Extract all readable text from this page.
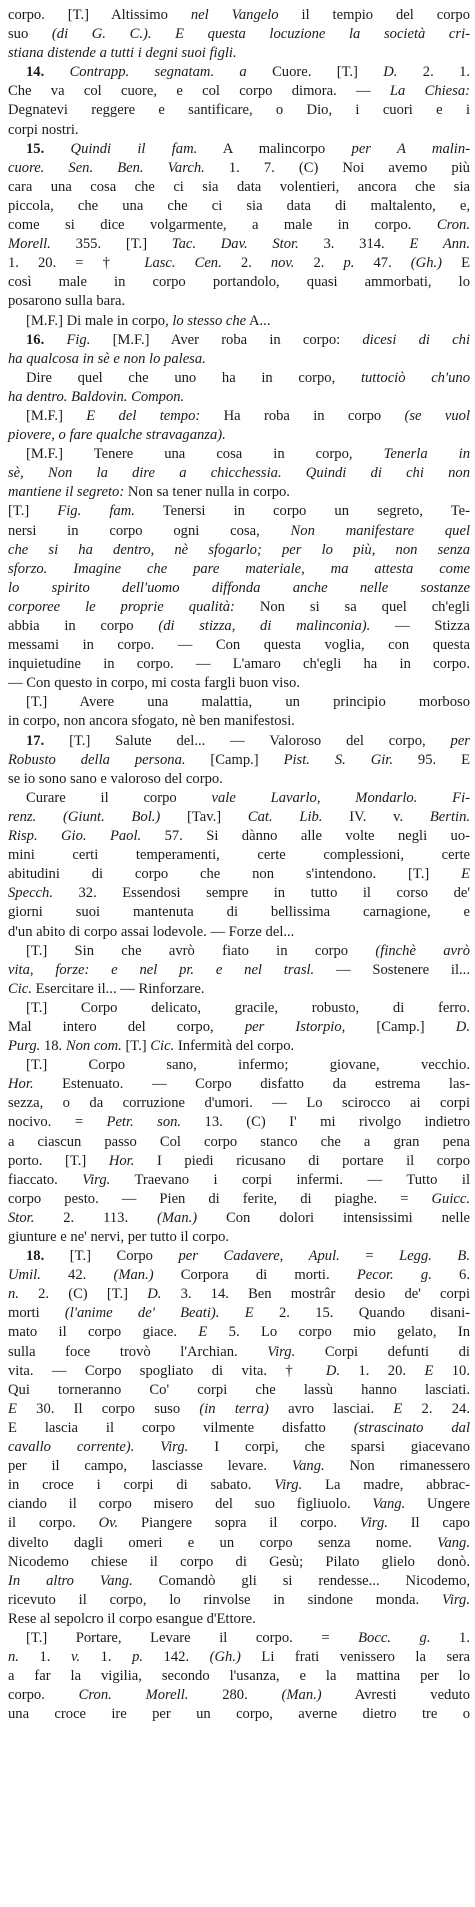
corpo. [T.] Altissimo nel Vangelo il tempio del corpo

suo (di G. C.). E questa locuzione la società cri-

stiana distende a tutti i degni suoi figli.

14. Contrapp. segnatam. a Cuore. [T.] D. 2. 1.

Che va col cuore, e col corpo dimora. — La Chiesa:

Degnatevi reggere e santificare, o Dio, i cuori e i

corpi nostri.

15. Quindi il fam. A malincorpo per A malin-

cuore. Sen. Ben. Varch. 1. 7. (C) Noi avemo più

cara una cosa che ci sia data volentieri, ancora che sia

piccola, che una che ci sia data di maltalento, e,

come si dice volgarmente, a male in corpo. Cron.

Morell. 355. [T.] Tac. Dav. Stor. 3. 314. E Ann.

1. 20. = † Lasc. Cen. 2. nov. 2. p. 47. (Gh.) E

così male in corpo portandolo, quasi ammorbati, lo

posarono sulla bara.

[M.F.] Di male in corpo, lo stesso che A...

16. Fig. [M.F.] Aver roba in corpo: dicesi di chi

ha qualcosa in sè e non lo palesa.

Dire quel che uno ha in corpo, tuttociò ch'uno

ha dentro. Baldovin. Compon.

[M.F.] E del tempo: Ha roba in corpo (se vuol

piovere, o fare qualche stravaganza).

[M.F.] Tenere una cosa in corpo, Tenerla in

sè, Non la dire a chicchessia. Quindi di chi non

mantiene il segreto: Non sa tener nulla in corpo.

[T.] Fig. fam. Tenersi in corpo un segreto, Te-

nersi in corpo ogni cosa, Non manifestare quel

che si ha dentro, nè sfogarlo; per lo più, non senza

sforzo. Imagine che pare materiale, ma attesta come

lo spirito dell'uomo diffonda anche nelle sostanze

corporee le proprie qualità: Non si sa quel ch'egli

abbia in corpo (di stizza, di malinconia). — Stizza

messami in corpo. — Con questa voglia, con questa

inquietudine in corpo. — L'amaro ch'egli ha in corpo.

— Con questo in corpo, mi costa fargli buon viso.

[T.] Avere una malattia, un principio morboso

in corpo, non ancora sfogato, nè ben manifestosi.

17. [T.] Salute del... — Valoroso del corpo, per

Robusto della persona. [Camp.] Pist. S. Gir. 95. E

se io sono sano e valoroso del corpo.

Curare il corpo vale Lavarlo, Mondarlo. Fi-

renz. (Giunt. Bol.) [Tav.] Cat. Lib. IV. v. Bertin.

Risp. Gio. Paol. 57. Si dànno alle volte negli uo-

mini certi temperamenti, certe complessioni, certe

abitudini di corpo che non s'intendono. [T.] E

Specch. 32. Essendosi sempre in tutto il corso de'

giorni suoi mantenuta di bellissima carnagione, e

d'un abito di corpo assai lodevole. — Forze del...

[T.] Sin che avrò fiato in corpo (finchè avrò

vita, forze: e nel pr. e nel trasl. — Sostenere il...

Cic. Esercitare il... — Rinforzare.

[T.] Corpo delicato, gracile, robusto, di ferro.

Mal intero del corpo, per Istorpio, [Camp.] D.

Purg. 18. Non com. [T.] Cic. Infermità del corpo.

[T.] Corpo sano, infermo; giovane, vecchio.

Hor. Estenuato. — Corpo disfatto da estrema las-

sezza, o da corruzione d'umori. — Lo scirocco ai corpi

nocivo. = Petr. son. 13. (C) I' mi rivolgo indietro

a ciascun passo Col corpo stanco che a gran pena

porto. [T.] Hor. I piedi ricusano di portare il corpo

fiaccato. Virg. Traevano i corpi infermi. — Tutto il

corpo pesto. — Pien di ferite, di piaghe. = Guicc.

Stor. 2. 113. (Man.) Con dolori intensissimi nelle

giunture e ne' nervi, per tutto il corpo.

18. [T.] Corpo per Cadavere, Apul. = Legg. B.

Umil. 42. (Man.) Corpora di morti. Pecor. g. 6.

n. 2. (C) [T.] D. 3. 14. Ben mostrâr desio de' corpi

morti (l'anime de' Beati). E 2. 15. Quando disani-

mato il corpo giace. E 5. Lo corpo mio gelato, In

sulla foce trovò l'Archian. Virg. Corpi defunti di

vita. — Corpo spogliato di vita. † D. 1. 20. E 10.

Qui torneranno Co' corpi che lassù hanno lasciati.

E 30. Il corpo suso (in terra) avro lasciai. E 2. 24.

E lascia il corpo vilmente disfatto (strascinato dal

cavallo corrente). Virg. I corpi, che sparsi giacevano

per il campo, lasciasse levare. Vang. Non rimanessero

in croce i corpi di sabato. Virg. La madre, abbrac-

ciando il corpo misero del suo figliuolo. Vang. Ungere

il corpo. Ov. Piangere sopra il corpo. Virg. Il capo

divelto dagli omeri e un corpo senza nome. Vang.

Nicodemo chiese il corpo di Gesù; Pilato glielo donò.

In altro Vang. Comandò gli si rendesse... Nicodemo,

ricevuto il corpo, lo rinvolse in sindone monda. Virg.

Rese al sepolcro il corpo esangue d'Ettore.

[T.] Portare, Levare il corpo. = Bocc. g. 1.

n. 1. v. 1. p. 142. (Gh.) Li frati venissero la sera

a far la vigilia, secondo l'usanza, e la mattina per lo

corpo. Cron. Morell. 280. (Man.) Avresti veduto

una croce ire per un corpo, averne dietro tre o
